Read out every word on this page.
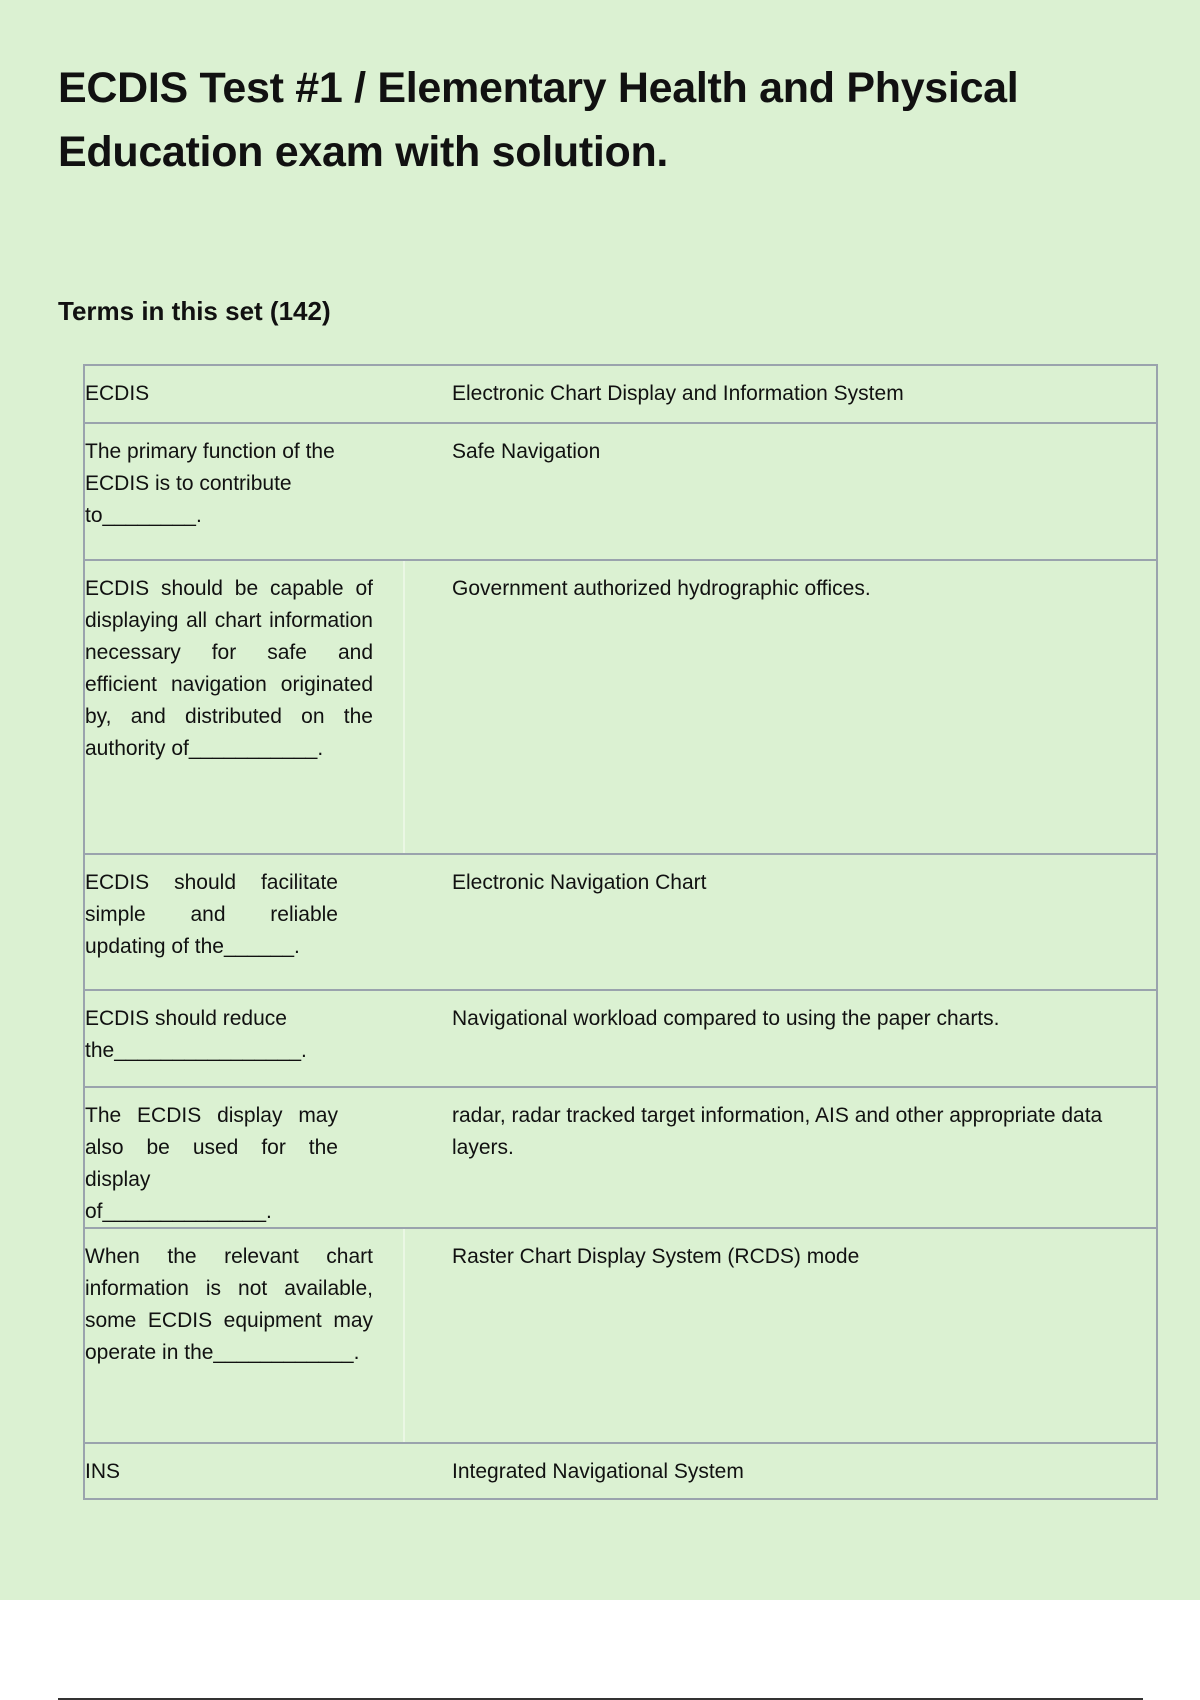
ECDIS Test #1 / Elementary Health and Physical Education exam with solution.
Terms in this set (142)
ECDIS	Electronic Chart Display and Information System
The primary function of the ECDIS is to contribute to________.
Safe Navigation
ECDIS should be capable of displaying all chart information necessary for safe and efficient navigation originated by, and distributed on the authority of___________.
Government authorized hydrographic offices.
ECDIS should facilitate simple and reliable updating of the______.
Electronic Navigation Chart
ECDIS should reduce the________________.
Navigational workload compared to using the paper charts.
The ECDIS display may also be used for the display of______________.
radar, radar tracked target information, AIS and other appropriate data layers.
When the relevant chart information is not available, some ECDIS equipment may operate in the____________.
Raster Chart Display System (RCDS) mode
INS	Integrated Navigational System
